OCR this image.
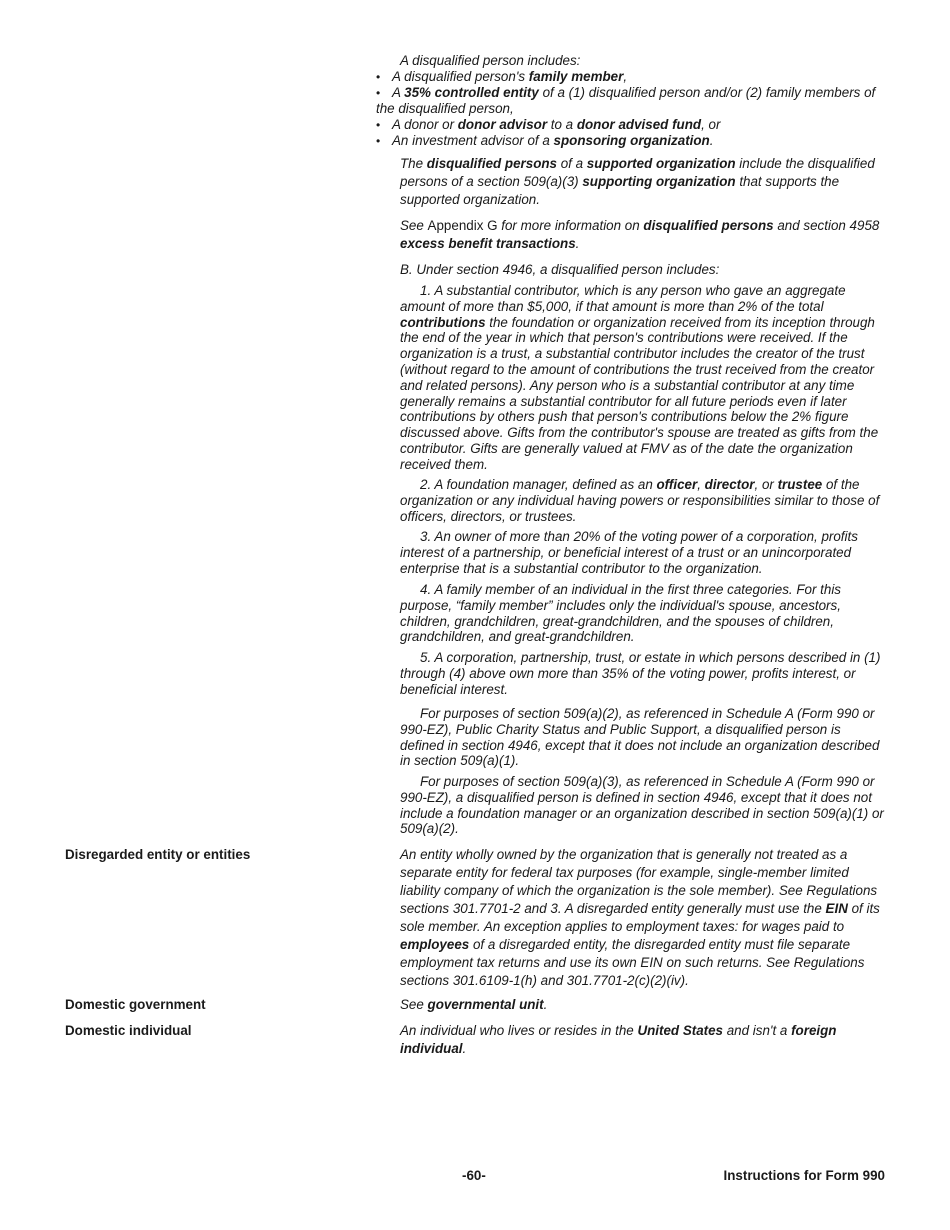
A disqualified person includes:

• A disqualified person's family member,
• A 35% controlled entity of a (1) disqualified person and/or (2) family members of the disqualified person,
• A donor or donor advisor to a donor advised fund, or
• An investment advisor of a sponsoring organization.

The disqualified persons of a supported organization include the disqualified persons of a section 509(a)(3) supporting organization that supports the supported organization.

See Appendix G for more information on disqualified persons and section 4958 excess benefit transactions.

B. Under section 4946, a disqualified person includes:

1. A substantial contributor, which is any person who gave an aggregate amount of more than $5,000, if that amount is more than 2% of the total contributions the foundation or organization received from its inception through the end of the year in which that person's contributions were received. If the organization is a trust, a substantial contributor includes the creator of the trust (without regard to the amount of contributions the trust received from the creator and related persons). Any person who is a substantial contributor at any time generally remains a substantial contributor for all future periods even if later contributions by others push that person's contributions below the 2% figure discussed above. Gifts from the contributor's spouse are treated as gifts from the contributor. Gifts are generally valued at FMV as of the date the organization received them.

2. A foundation manager, defined as an officer, director, or trustee of the organization or any individual having powers or responsibilities similar to those of officers, directors, or trustees.

3. An owner of more than 20% of the voting power of a corporation, profits interest of a partnership, or beneficial interest of a trust or an unincorporated enterprise that is a substantial contributor to the organization.

4. A family member of an individual in the first three categories. For this purpose, “family member” includes only the individual's spouse, ancestors, children, grandchildren, great-grandchildren, and the spouses of children, grandchildren, and great-grandchildren.

5. A corporation, partnership, trust, or estate in which persons described in (1) through (4) above own more than 35% of the voting power, profits interest, or beneficial interest.

For purposes of section 509(a)(2), as referenced in Schedule A (Form 990 or 990-EZ), Public Charity Status and Public Support, a disqualified person is defined in section 4946, except that it does not include an organization described in section 509(a)(1).

For purposes of section 509(a)(3), as referenced in Schedule A (Form 990 or 990-EZ), a disqualified person is defined in section 4946, except that it does not include a foundation manager or an organization described in section 509(a)(1) or 509(a)(2).

Disregarded entity or entities	An entity wholly owned by the organization that is generally not treated as a separate entity for federal tax purposes (for example, single-member limited liability company of which the organization is the sole member). See Regulations sections 301.7701-2 and 3. A disregarded entity generally must use the EIN of its sole member. An exception applies to employment taxes: for wages paid to employees of a disregarded entity, the disregarded entity must file separate employment tax returns and use its own EIN on such returns. See Regulations sections 301.6109-1(h) and 301.7701-2(c)(2)(iv).

Domestic government	See governmental unit.

Domestic individual	An individual who lives or resides in the United States and isn't a foreign individual.

-60-	Instructions for Form 990
